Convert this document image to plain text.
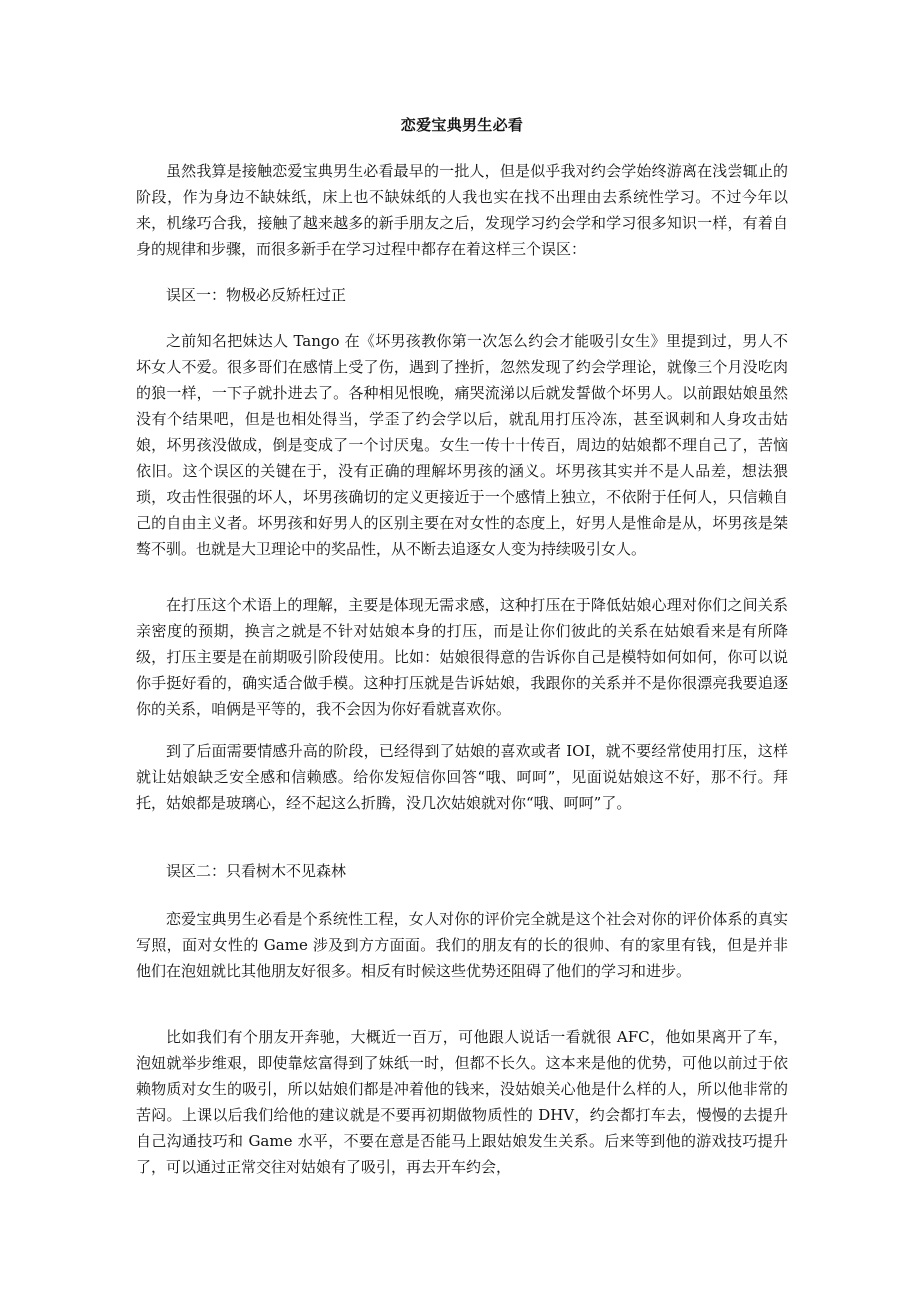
恋爱宝典男生必看

虽然我算是接触恋爱宝典男生必看最早的一批人，但是似乎我对约会学始终游离在浅尝辄止的阶段，作为身边不缺妹纸，床上也不缺妹纸的人我也实在找不出理由去系统性学习。不过今年以来，机缘巧合我，接触了越来越多的新手朋友之后，发现学习约会学和学习很多知识一样，有着自身的规律和步骤，而很多新手在学习过程中都存在着这样三个误区：

误区一：物极必反矫枉过正

之前知名把妹达人 Tango 在《坏男孩教你第一次怎么约会才能吸引女生》里提到过，男人不坏女人不爱。很多哥们在感情上受了伤，遇到了挫折，忽然发现了约会学理论，就像三个月没吃肉的狼一样，一下子就扑进去了。各种相见恨晚，痛哭流涕以后就发誓做个坏男人。以前跟姑娘虽然没有个结果吧，但是也相处得当，学歪了约会学以后，就乱用打压冷冻，甚至讽刺和人身攻击姑娘，坏男孩没做成，倒是变成了一个讨厌鬼。女生一传十十传百，周边的姑娘都不理自己了，苦恼依旧。这个误区的关键在于，没有正确的理解坏男孩的涵义。坏男孩其实并不是人品差，想法猥琐，攻击性很强的坏人，坏男孩确切的定义更接近于一个感情上独立，不依附于任何人，只信赖自己的自由主义者。坏男孩和好男人的区别主要在对女性的态度上，好男人是惟命是从，坏男孩是桀骜不驯。也就是大卫理论中的奖品性，从不断去追逐女人变为持续吸引女人。

在打压这个术语上的理解，主要是体现无需求感，这种打压在于降低姑娘心理对你们之间关系亲密度的预期，换言之就是不针对姑娘本身的打压，而是让你们彼此的关系在姑娘看来是有所降级，打压主要是在前期吸引阶段使用。比如：姑娘很得意的告诉你自己是模特如何如何，你可以说你手挺好看的，确实适合做手模。这种打压就是告诉姑娘，我跟你的关系并不是你很漂亮我要追逐你的关系，咱俩是平等的，我不会因为你好看就喜欢你。

到了后面需要情感升高的阶段，已经得到了姑娘的喜欢或者 IOI，就不要经常使用打压，这样就让姑娘缺乏安全感和信赖感。给你发短信你回答“哦、呵呵”，见面说姑娘这不好，那不行。拜托，姑娘都是玻璃心，经不起这么折腾，没几次姑娘就对你“哦、呵呵”了。

误区二：只看树木不见森林

恋爱宝典男生必看是个系统性工程，女人对你的评价完全就是这个社会对你的评价体系的真实写照，面对女性的 Game 涉及到方方面面。我们的朋友有的长的很帅、有的家里有钱，但是并非他们在泡妞就比其他朋友好很多。相反有时候这些优势还阻碍了他们的学习和进步。

比如我们有个朋友开奔驰，大概近一百万，可他跟人说话一看就很 AFC，他如果离开了车，泡妞就举步维艰，即使靠炫富得到了妹纸一时，但都不长久。这本来是他的优势，可他以前过于依赖物质对女生的吸引，所以姑娘们都是冲着他的钱来，没姑娘关心他是什么样的人，所以他非常的苦闷。上课以后我们给他的建议就是不要再初期做物质性的 DHV，约会都打车去，慢慢的去提升自己沟通技巧和 Game 水平，不要在意是否能马上跟姑娘发生关系。后来等到他的游戏技巧提升了，可以通过正常交往对姑娘有了吸引，再去开车约会，
